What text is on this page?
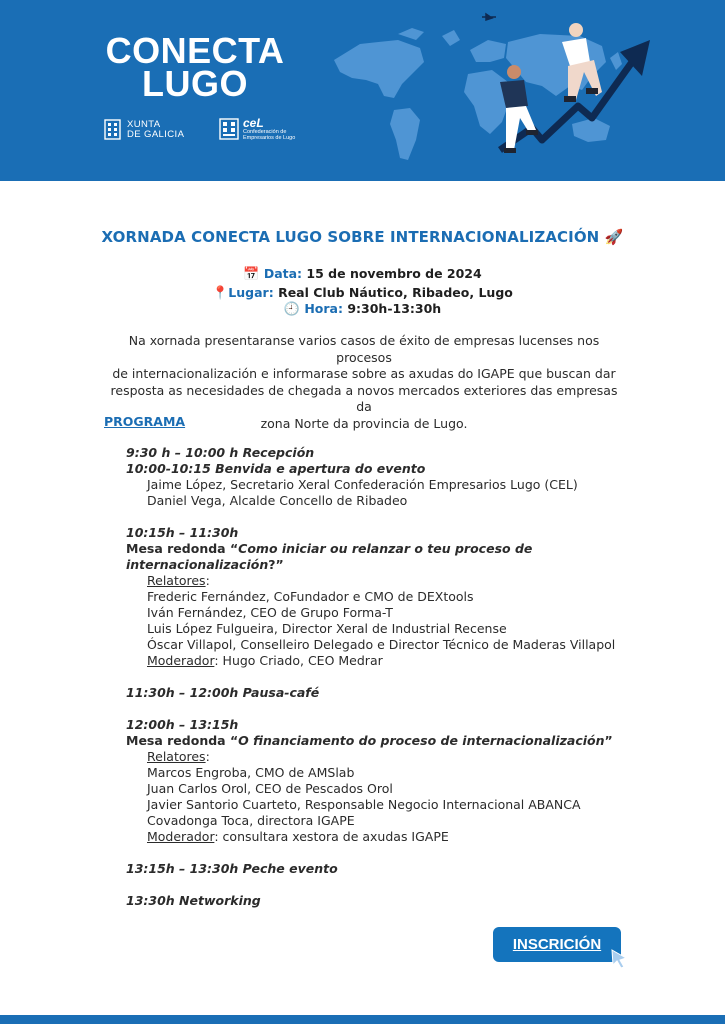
CONECTA
LUGO
XUNTA
DE GALICIA
ceL
Confederación de
Empresarios de Lugo
XORNADA CONECTA LUGO SOBRE INTERNACIONALIZACIÓN 🚀
📅 Data: 15 de novembro de 2024
📍Lugar: Real Club Náutico, Ribadeo, Lugo
🕘 Hora: 9:30h-13:30h
Na xornada presentaranse varios casos de éxito de empresas lucenses nos procesos
de internacionalización e informarase sobre as axudas do IGAPE que buscan dar
resposta as necesidades de chegada a novos mercados exteriores das empresas da
zona Norte da provincia de Lugo.
PROGRAMA
9:30 h – 10:00 h Recepción
10:00-10:15 Benvida e apertura do evento
Jaime López, Secretario Xeral Confederación Empresarios Lugo (CEL)
Daniel Vega, Alcalde Concello de Ribadeo
10:15h – 11:30h
Mesa redonda “Como iniciar ou relanzar o teu proceso de
internacionalización?”
Relatores:
Frederic Fernández, CoFundador e CMO de DEXtools
Iván Fernández, CEO de Grupo Forma-T
Luis López Fulgueira, Director Xeral de Industrial Recense
Óscar Villapol, Conselleiro Delegado e Director Técnico de Maderas Villapol
Moderador: Hugo Criado, CEO Medrar
11:30h – 12:00h Pausa-café
12:00h – 13:15h
Mesa redonda “O financiamento do proceso de internacionalización”
Relatores:
Marcos Engroba, CMO de AMSlab
Juan Carlos Orol, CEO de Pescados Orol
Javier Santorio Cuarteto, Responsable Negocio Internacional ABANCA
Covadonga Toca, directora IGAPE
Moderador: consultara xestora de axudas IGAPE
13:15h – 13:30h Peche evento
13:30h Networking
INSCRICIÓN
